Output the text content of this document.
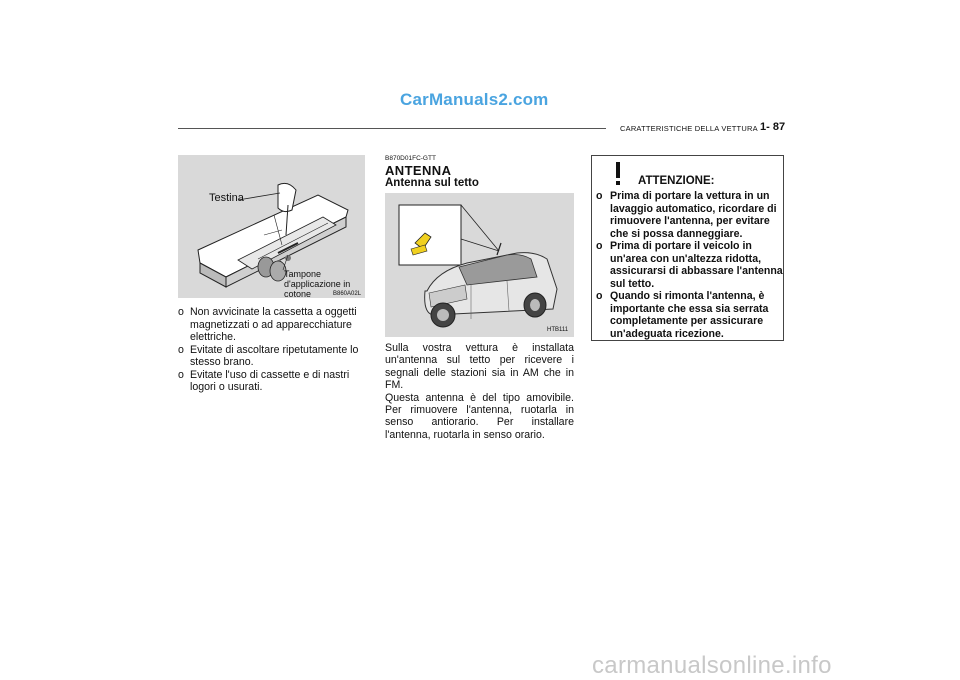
CarManuals2.com
CARATTERISTICHE DELLA VETTURA 1- 87
Testina
Tampone d'applicazione in cotone	B860A02L
o Non avvicinate la cassetta a oggetti magnetizzati o ad apparecchiature elettriche.
o Evitate di ascoltare ripetutamente lo stesso brano.
o Evitate l'uso di cassette e di nastri logori o usurati.
B870D01FC-GTT
ANTENNA
Antenna sul tetto
HTB111

Sulla vostra vettura è installata un'antenna sul tetto per ricevere i segnali delle stazioni sia in AM che in FM.

Questa antenna è del tipo amovibile. Per rimuovere l'antenna, ruotarla in senso antiorario. Per installare l'antenna, ruotarla in senso orario.

ATTENZIONE:
o Prima di portare la vettura in un lavaggio automatico, ricordare di rimuovere l'antenna, per evitare che si possa danneggiare.
o Prima di portare il veicolo in un'area con un'altezza ridotta, assicurarsi di abbassare l'antenna sul tetto.
o Quando si rimonta l'antenna, è importante che essa sia serrata completamente per assicurare un'adeguata ricezione.
carmanualsonline.info
